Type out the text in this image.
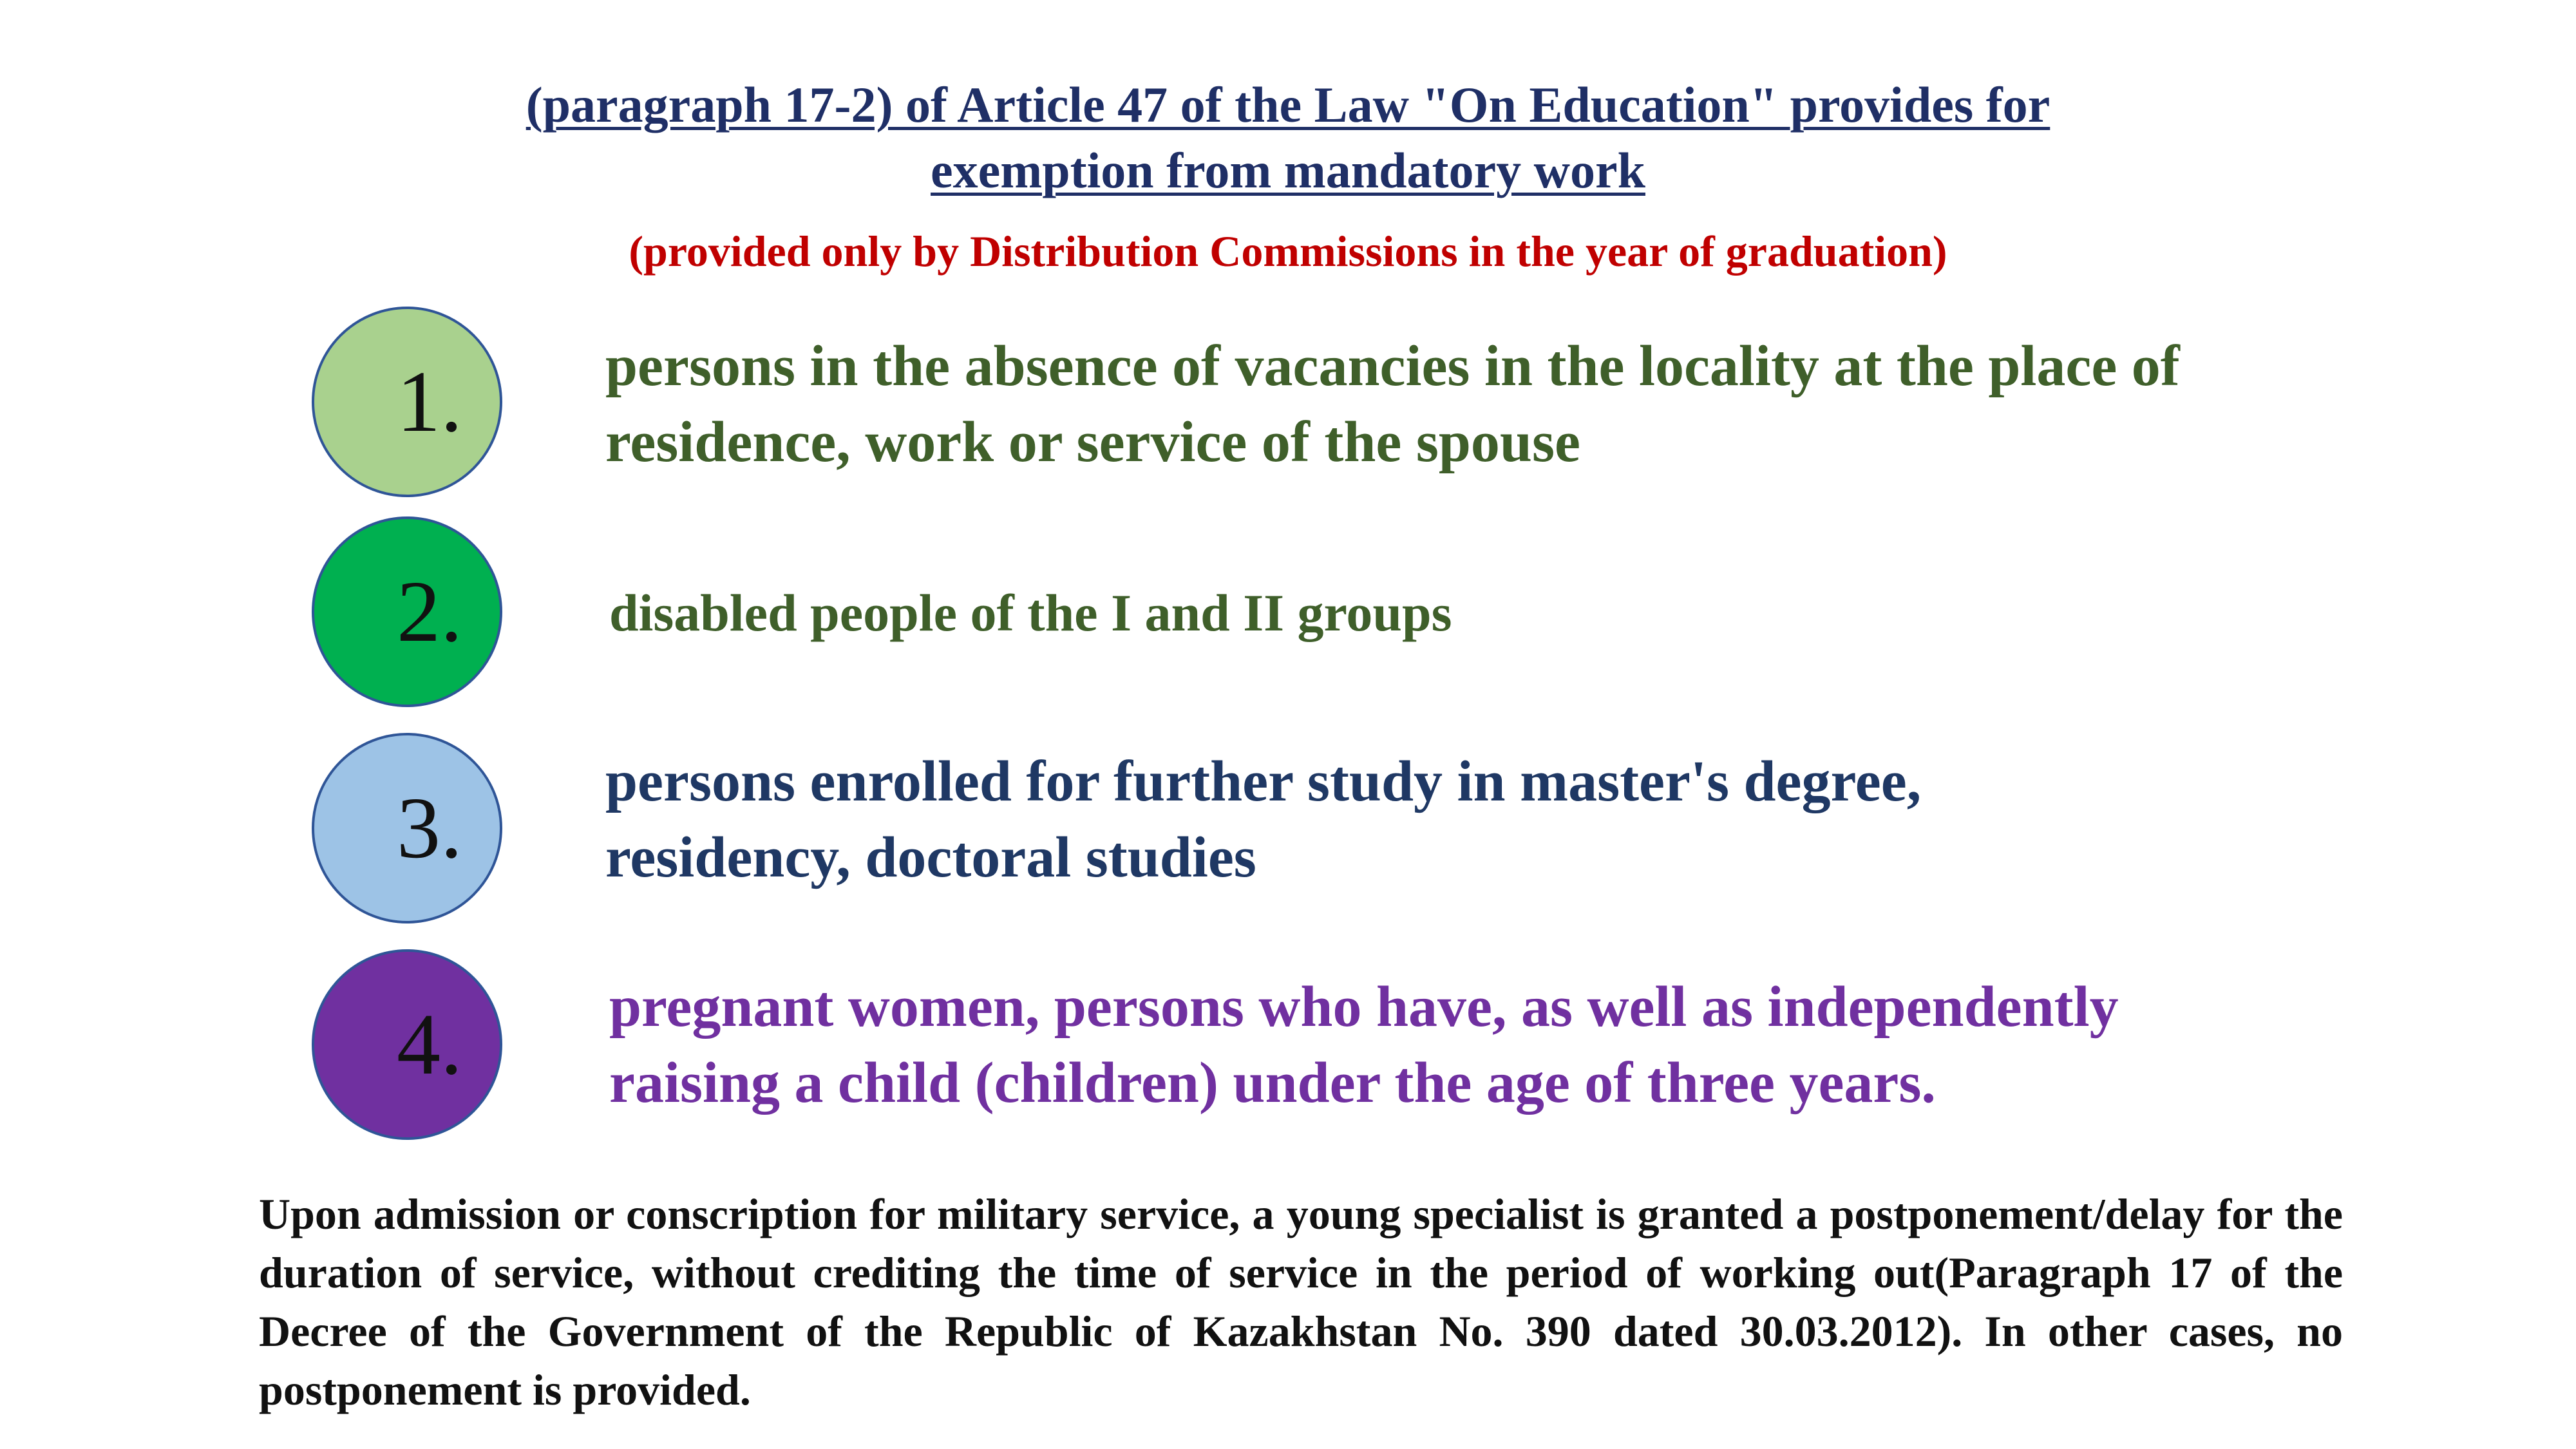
(paragraph 17-2) of Article 47 of the Law "On Education" provides for
exemption from mandatory work
(provided only by Distribution Commissions in the year of graduation)
1.	persons in the absence of vacancies in the locality at the place of
residence, work or service of the spouse
2.	disabled people of the I and II groups
3.	persons enrolled for further study in master's degree,
residency, doctoral studies
4.	pregnant women, persons who have, as well as independently
raising a child (children) under the age of three years.
Upon admission or conscription for military service, a young specialist is granted a postponement/delay for the duration of service, without crediting the time of service in the period of working out(Paragraph 17 of the Decree of the Government of the Republic of Kazakhstan No. 390 dated 30.03.2012). In other cases, no postponement is provided.
